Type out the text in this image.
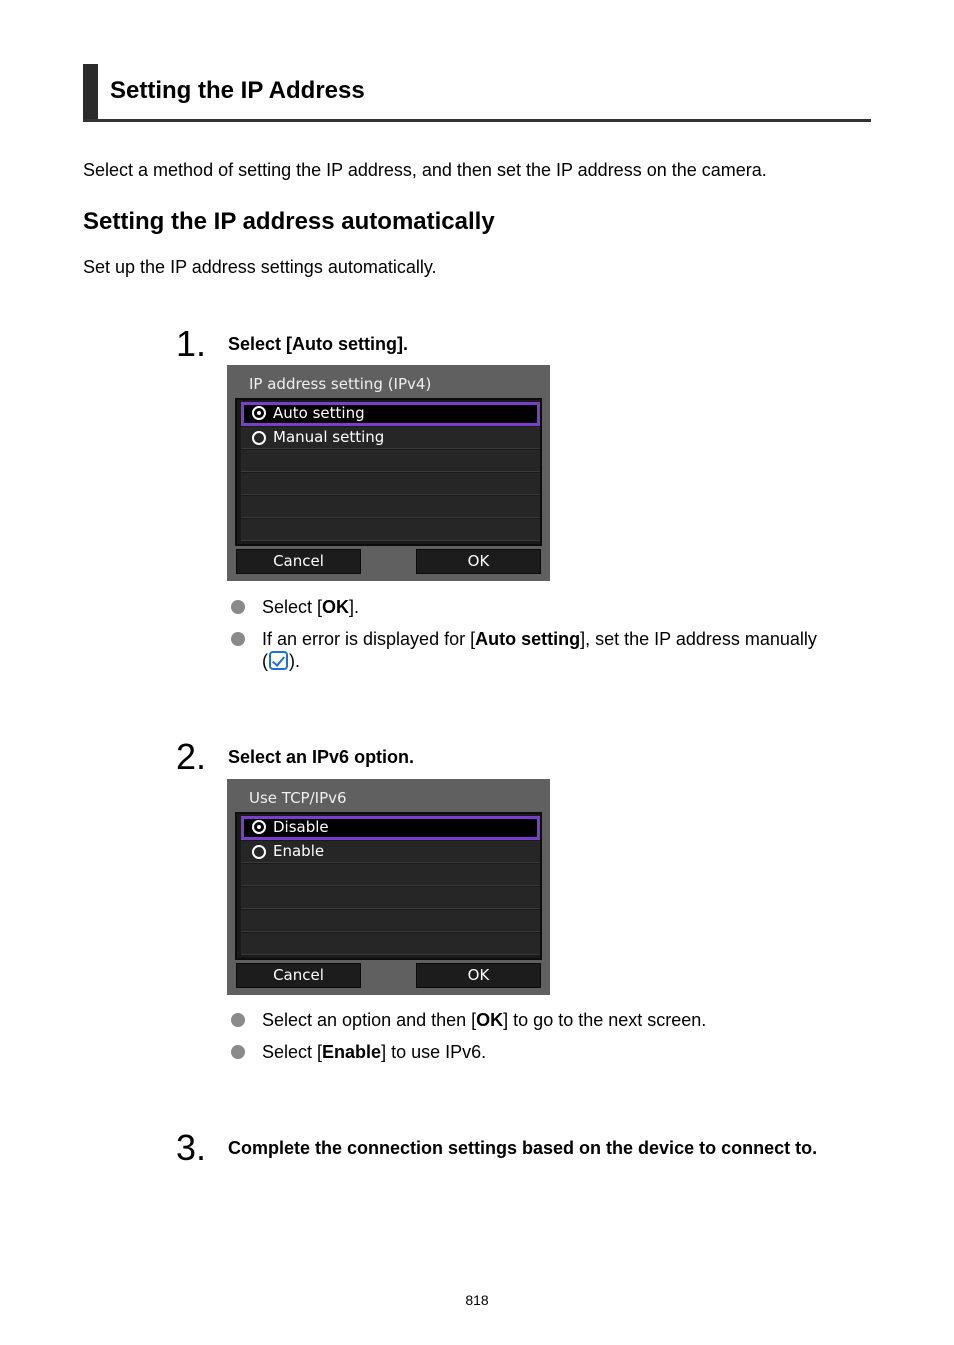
Setting the IP Address

Select a method of setting the IP address, and then set the IP address on the camera.

Setting the IP address automatically

Set up the IP address settings automatically.

1. Select [Auto setting].
IP address setting (IPv4)
Auto setting
Manual setting
Cancel	OK
Select [OK].
If an error is displayed for [Auto setting], set the IP address manually
( ).
2. Select an IPv6 option.
Use TCP/IPv6
Disable
Enable
Cancel	OK
Select an option and then [OK] to go to the next screen.
Select [Enable] to use IPv6.
3. Complete the connection settings based on the device to connect to.
818
